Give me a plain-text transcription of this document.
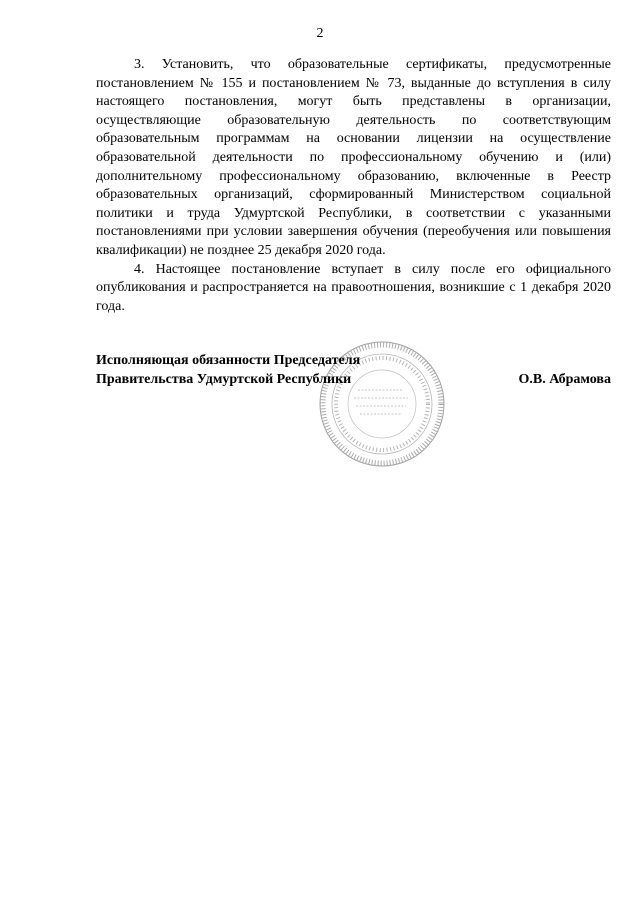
2

3. Установить, что образовательные сертификаты, предусмотренные постановлением № 155 и постановлением № 73, выданные до вступления в силу настоящего постановления, могут быть представлены в организации, осуществляющие образовательную деятельность по соответствующим образовательным программам на основании лицензии на осуществление образовательной деятельности по профессиональному обучению и (или) дополнительному профессиональному образованию, включенные в Реестр образовательных организаций, сформированный Министерством социальной политики и труда Удмуртской Республики, в соответствии с указанными постановлениями при условии завершения обучения (переобучения или повышения квалификации) не позднее 25 декабря 2020 года.

4. Настоящее постановление вступает в силу после его официального опубликования и распространяется на правоотношения, возникшие с 1 декабря 2020 года.

Исполняющая обязанности Председателя
Правительства Удмуртской Республики	О.В. Абрамова
